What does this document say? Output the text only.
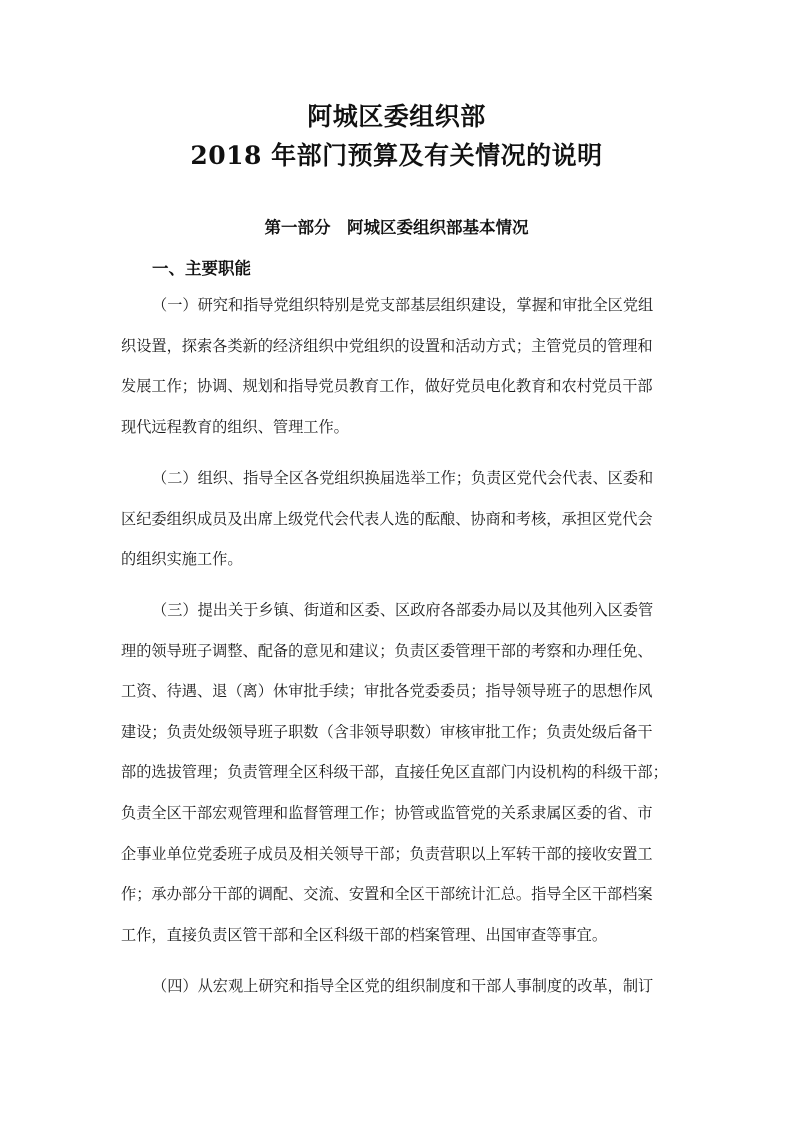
阿城区委组织部
2018 年部门预算及有关情况的说明
第一部分　阿城区委组织部基本情况
一、主要职能
（一）研究和指导党组织特别是党支部基层组织建设，掌握和审批全区党组
织设置，探索各类新的经济组织中党组织的设置和活动方式；主管党员的管理和
发展工作；协调、规划和指导党员教育工作，做好党员电化教育和农村党员干部
现代远程教育的组织、管理工作。
（二）组织、指导全区各党组织换届选举工作；负责区党代会代表、区委和
区纪委组织成员及出席上级党代会代表人选的酝酿、协商和考核，承担区党代会
的组织实施工作。
（三）提出关于乡镇、街道和区委、区政府各部委办局以及其他列入区委管
理的领导班子调整、配备的意见和建议；负责区委管理干部的考察和办理任免、
工资、待遇、退（离）休审批手续；审批各党委委员；指导领导班子的思想作风
建设；负责处级领导班子职数（含非领导职数）审核审批工作；负责处级后备干
部的选拔管理；负责管理全区科级干部，直接任免区直部门内设机构的科级干部；
负责全区干部宏观管理和监督管理工作；协管或监管党的关系隶属区委的省、市
企事业单位党委班子成员及相关领导干部；负责营职以上军转干部的接收安置工
作；承办部分干部的调配、交流、安置和全区干部统计汇总。指导全区干部档案
工作，直接负责区管干部和全区科级干部的档案管理、出国审查等事宜。
（四）从宏观上研究和指导全区党的组织制度和干部人事制度的改革，制订
